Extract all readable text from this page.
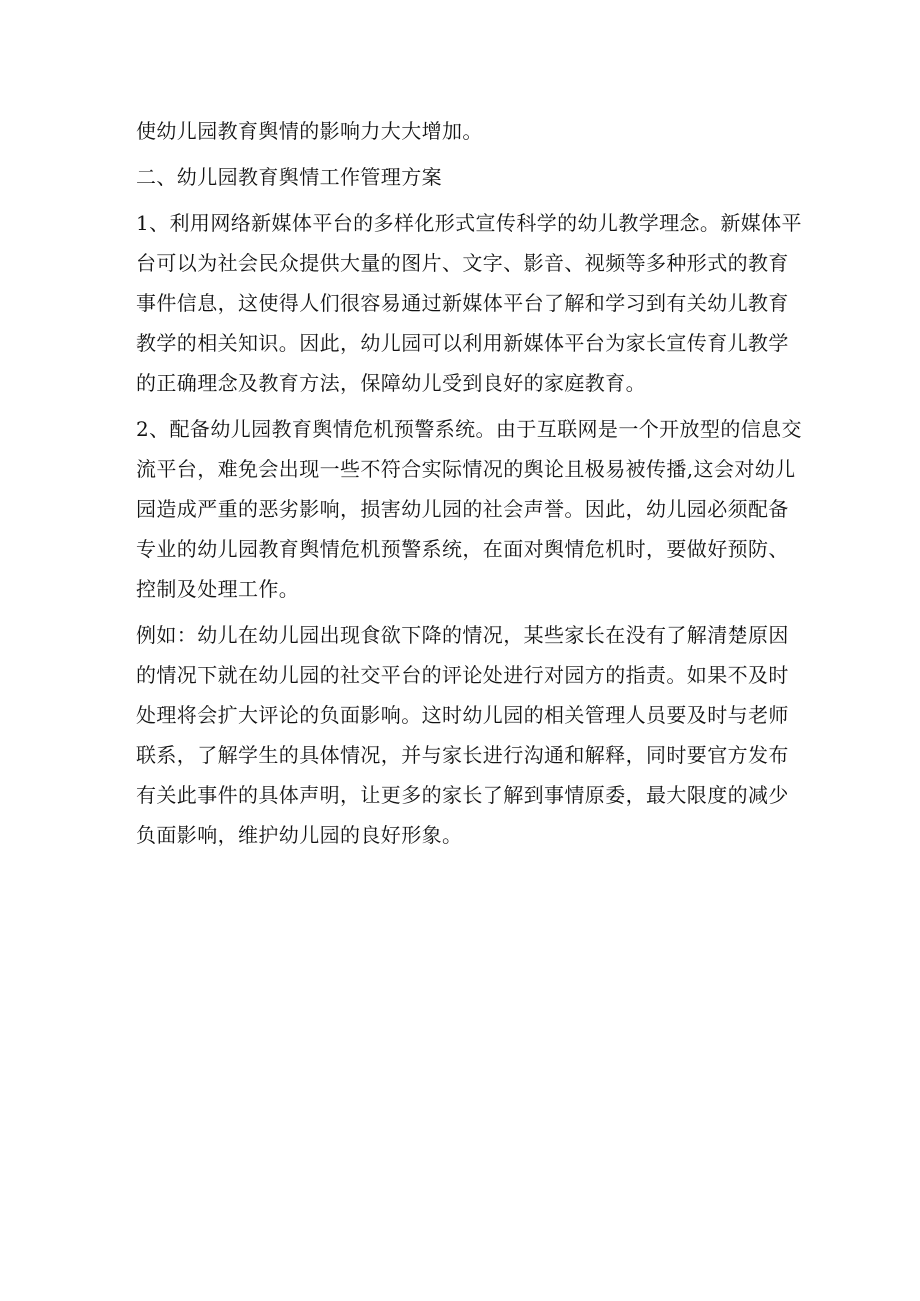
使幼儿园教育舆情的影响力大大增加。
二、幼儿园教育舆情工作管理方案
1、利用网络新媒体平台的多样化形式宣传科学的幼儿教学理念。新媒体平
台可以为社会民众提供大量的图片、文字、影音、视频等多种形式的教育
事件信息，这使得人们很容易通过新媒体平台了解和学习到有关幼儿教育
教学的相关知识。因此，幼儿园可以利用新媒体平台为家长宣传育儿教学
的正确理念及教育方法，保障幼儿受到良好的家庭教育。
2、配备幼儿园教育舆情危机预警系统。由于互联网是一个开放型的信息交
流平台，难免会出现一些不符合实际情况的舆论且极易被传播,这会对幼儿
园造成严重的恶劣影响，损害幼儿园的社会声誉。因此，幼儿园必须配备
专业的幼儿园教育舆情危机预警系统，在面对舆情危机时，要做好预防、
控制及处理工作。
例如：幼儿在幼儿园出现食欲下降的情况，某些家长在没有了解清楚原因
的情况下就在幼儿园的社交平台的评论处进行对园方的指责。如果不及时
处理将会扩大评论的负面影响。这时幼儿园的相关管理人员要及时与老师
联系，了解学生的具体情况，并与家长进行沟通和解释，同时要官方发布
有关此事件的具体声明，让更多的家长了解到事情原委，最大限度的减少
负面影响，维护幼儿园的良好形象。
